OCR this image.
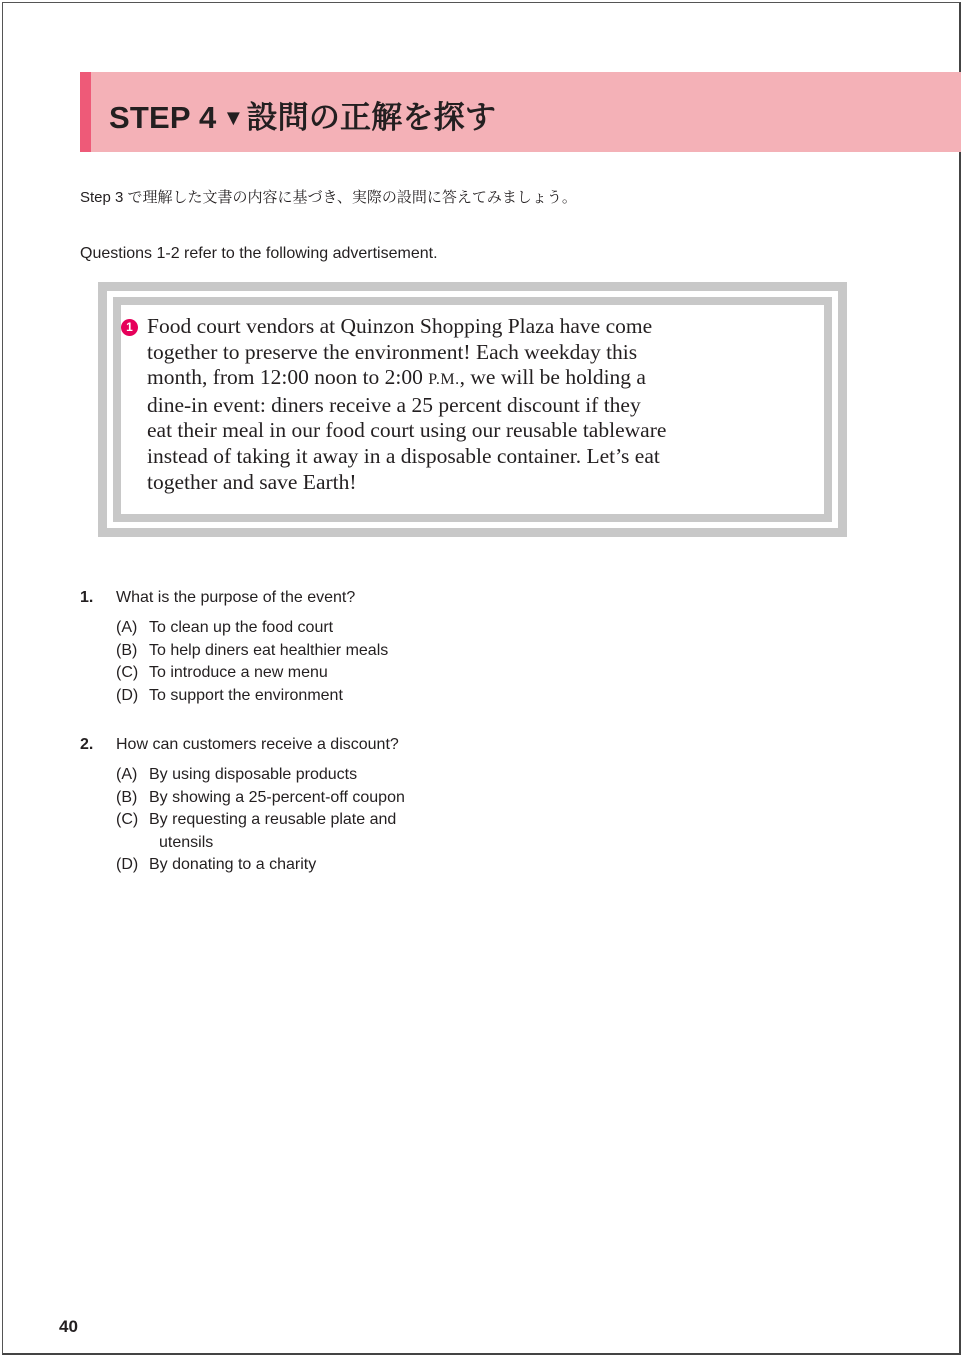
STEP 4 ▼設問の正解を探す
Step 3 で理解した文書の内容に基づき、実際の設問に答えてみましょう。
Questions 1-2 refer to the following advertisement.
1 Food court vendors at Quinzon Shopping Plaza have come
together to preserve the environment! Each weekday this
month, from 12:00 noon to 2:00 P.M., we will be holding a
dine-in event: diners receive a 25 percent discount if they
eat their meal in our food court using our reusable tableware
instead of taking it away in a disposable container. Let’s eat
together and save Earth!
1. What is the purpose of the event?
(A) To clean up the food court
(B) To help diners eat healthier meals
(C) To introduce a new menu
(D) To support the environment
2. How can customers receive a discount?
(A) By using disposable products
(B) By showing a 25-percent-off coupon
(C) By requesting a reusable plate and
utensils
(D) By donating to a charity
40
